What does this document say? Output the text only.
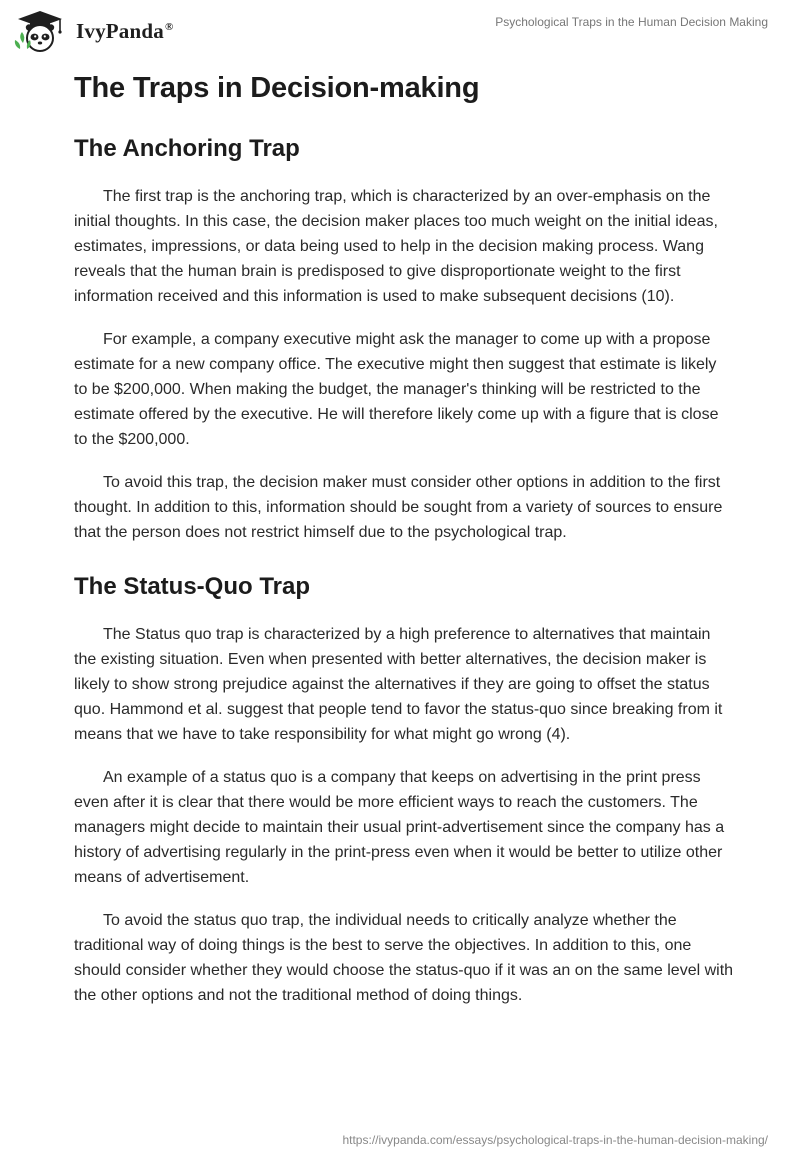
IvyPanda®	Psychological Traps in the Human Decision Making
The Traps in Decision-making
The Anchoring Trap

The first trap is the anchoring trap, which is characterized by an over-emphasis on the initial thoughts. In this case, the decision maker places too much weight on the initial ideas, estimates, impressions, or data being used to help in the decision making process. Wang reveals that the human brain is predisposed to give disproportionate weight to the first information received and this information is used to make subsequent decisions (10).

For example, a company executive might ask the manager to come up with a propose estimate for a new company office. The executive might then suggest that estimate is likely to be $200,000. When making the budget, the manager's thinking will be restricted to the estimate offered by the executive. He will therefore likely come up with a figure that is close to the $200,000.

To avoid this trap, the decision maker must consider other options in addition to the first thought. In addition to this, information should be sought from a variety of sources to ensure that the person does not restrict himself due to the psychological trap.

The Status-Quo Trap

The Status quo trap is characterized by a high preference to alternatives that maintain the existing situation. Even when presented with better alternatives, the decision maker is likely to show strong prejudice against the alternatives if they are going to offset the status quo. Hammond et al. suggest that people tend to favor the status-quo since breaking from it means that we have to take responsibility for what might go wrong (4).

An example of a status quo is a company that keeps on advertising in the print press even after it is clear that there would be more efficient ways to reach the customers. The managers might decide to maintain their usual print-advertisement since the company has a history of advertising regularly in the print-press even when it would be better to utilize other means of advertisement.

To avoid the status quo trap, the individual needs to critically analyze whether the traditional way of doing things is the best to serve the objectives. In addition to this, one should consider whether they would choose the status-quo if it was an on the same level with the other options and not the traditional method of doing things.

https://ivypanda.com/essays/psychological-traps-in-the-human-decision-making/
